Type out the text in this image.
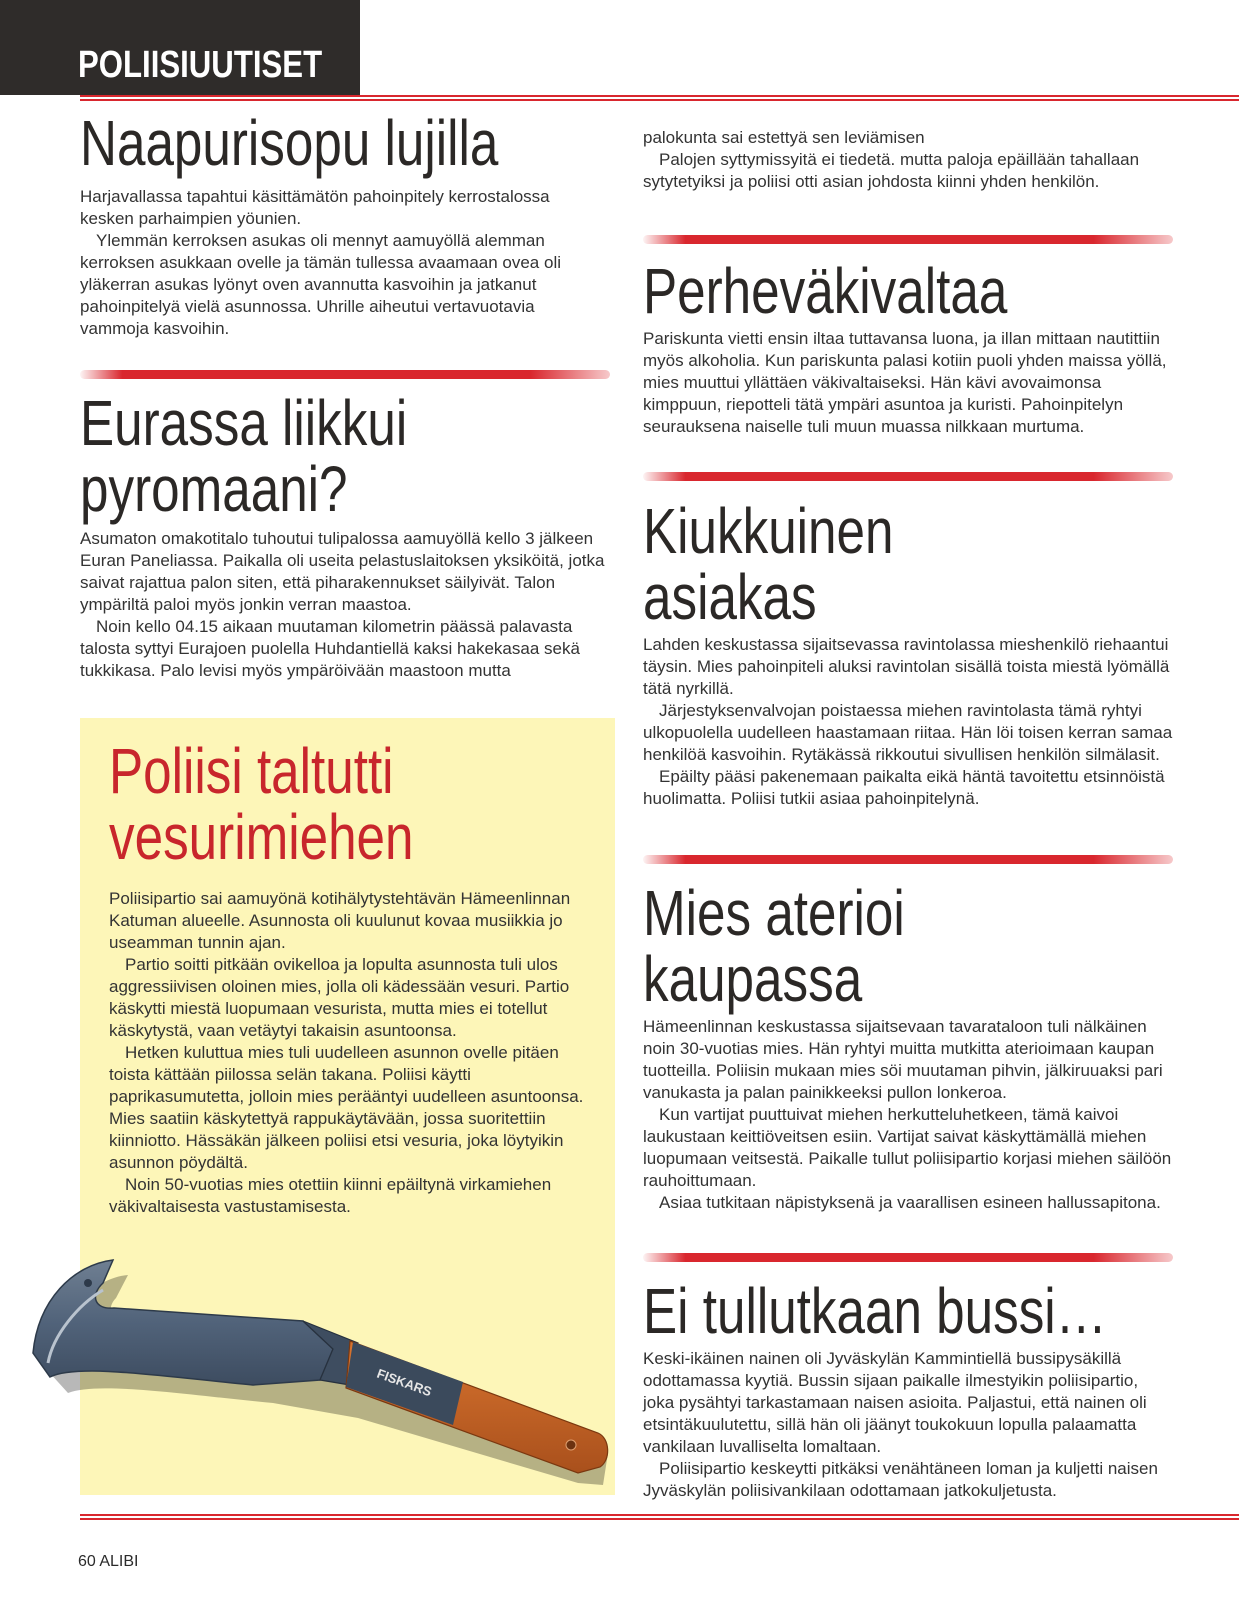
POLIISIUUTISET
Naapurisopu lujilla

Harjavallassa tapahtui käsittämätön pahoinpitely kerrostalossa kesken parhaimpien yöunien.

Ylemmän kerroksen asukas oli mennyt aamuyöllä alemman kerroksen asukkaan ovelle ja tämän tullessa avaamaan ovea oli yläkerran asukas lyönyt oven avannutta kasvoihin ja jatkanut pahoinpitelyä vielä asunnossa. Uhrille aiheutui vertavuotavia vammoja kasvoihin.

Eurassa liikkui
pyromaani?

Asumaton omakotitalo tuhoutui tulipalossa aamuyöllä kello 3 jälkeen Euran Paneliassa. Paikalla oli useita pelastuslaitoksen yksiköitä, jotka saivat rajattua palon siten, että piharakennukset säilyivät. Talon ympäriltä paloi myös jonkin verran maastoa.

Noin kello 04.15 aikaan muutaman kilometrin päässä palavasta talosta syttyi Eurajoen puolella Huhdantiellä kaksi hakekasaa sekä tukkikasa. Palo levisi myös ympäröivään maastoon mutta

palokunta sai estettyä sen leviämisen

Palojen syttymissyitä ei tiedetä. mutta paloja epäillään tahallaan sytytetyiksi ja poliisi otti asian johdosta kiinni yhden henkilön.

Poliisi taltutti
vesurimiehen

Poliisipartio sai aamuyönä kotihälytystehtävän Hämeenlinnan Katuman alueelle. Asunnosta oli kuulunut kovaa musiikkia jo useamman tunnin ajan.

Partio soitti pitkään ovikelloa ja lopulta asunnosta tuli ulos aggressiivisen oloinen mies, jolla oli kädessään vesuri. Partio käskytti miestä luopumaan vesurista, mutta mies ei totellut käskytystä, vaan vetäytyi takaisin asuntoonsa.

Hetken kuluttua mies tuli uudelleen asunnon ovelle pitäen toista kättään piilossa selän takana. Poliisi käytti paprikasumutetta, jolloin mies perääntyi uudelleen asuntoonsa. Mies saatiin käskytettyä rappukäytävään, jossa suoritettiin kiinniotto. Hässäkän jälkeen poliisi etsi vesuria, joka löytyikin asunnon pöydältä.

Noin 50-vuotias mies otettiin kiinni epäiltynä virkamiehen väkivaltaisesta vastustamisesta.

FISKARS
Perheväkivaltaa

Pariskunta vietti ensin iltaa tuttavansa luona, ja illan mittaan nautittiin myös alkoholia. Kun pariskunta palasi kotiin puoli yhden maissa yöllä, mies muuttui yllättäen väkivaltaiseksi. Hän kävi avovaimonsa kimppuun, riepotteli tätä ympäri asuntoa ja kuristi. Pahoinpitelyn seurauksena naiselle tuli muun muassa nilkkaan murtuma.

Kiukkuinen
asiakas

Lahden keskustassa sijaitsevassa ravintolassa mieshenkilö riehaantui täysin. Mies pahoinpiteli aluksi ravintolan sisällä toista miestä lyömällä tätä nyrkillä.

Järjestyksenvalvojan poistaessa miehen ravintolasta tämä ryhtyi ulkopuolella uudelleen haastamaan riitaa. Hän löi toisen kerran samaa henkilöä kasvoihin. Rytäkässä rikkoutui sivullisen henkilön silmälasit.

Epäilty pääsi pakenemaan paikalta eikä häntä tavoitettu etsinnöistä huolimatta. Poliisi tutkii asiaa pahoinpitelynä.

Mies aterioi
kaupassa

Hämeenlinnan keskustassa sijaitsevaan tavarataloon tuli nälkäinen noin 30-vuotias mies. Hän ryhtyi muitta mutkitta aterioimaan kaupan tuotteilla. Poliisin mukaan mies söi muutaman pihvin, jälkiruuaksi pari vanukasta ja palan painikkeeksi pullon lonkeroa.

Kun vartijat puuttuivat miehen herkutteluhetkeen, tämä kaivoi laukustaan keittiöveitsen esiin. Vartijat saivat käskyttämällä miehen luopumaan veitsestä. Paikalle tullut poliisipartio korjasi miehen säilöön rauhoittumaan.

Asiaa tutkitaan näpistyksenä ja vaarallisen esineen hallussapitona.

Ei tullutkaan bussi…

Keski-ikäinen nainen oli Jyväskylän Kammintiellä bussipysäkillä odottamassa kyytiä. Bussin sijaan paikalle ilmestyikin poliisipartio, joka pysähtyi tarkastamaan naisen asioita. Paljastui, että nainen oli etsintäkuulutettu, sillä hän oli jäänyt toukokuun lopulla palaamatta vankilaan luvalliselta lomaltaan.

Poliisipartio keskeytti pitkäksi venähtäneen loman ja kuljetti naisen Jyväskylän poliisivankilaan odottamaan jatkokuljetusta.

60 ALIBI
